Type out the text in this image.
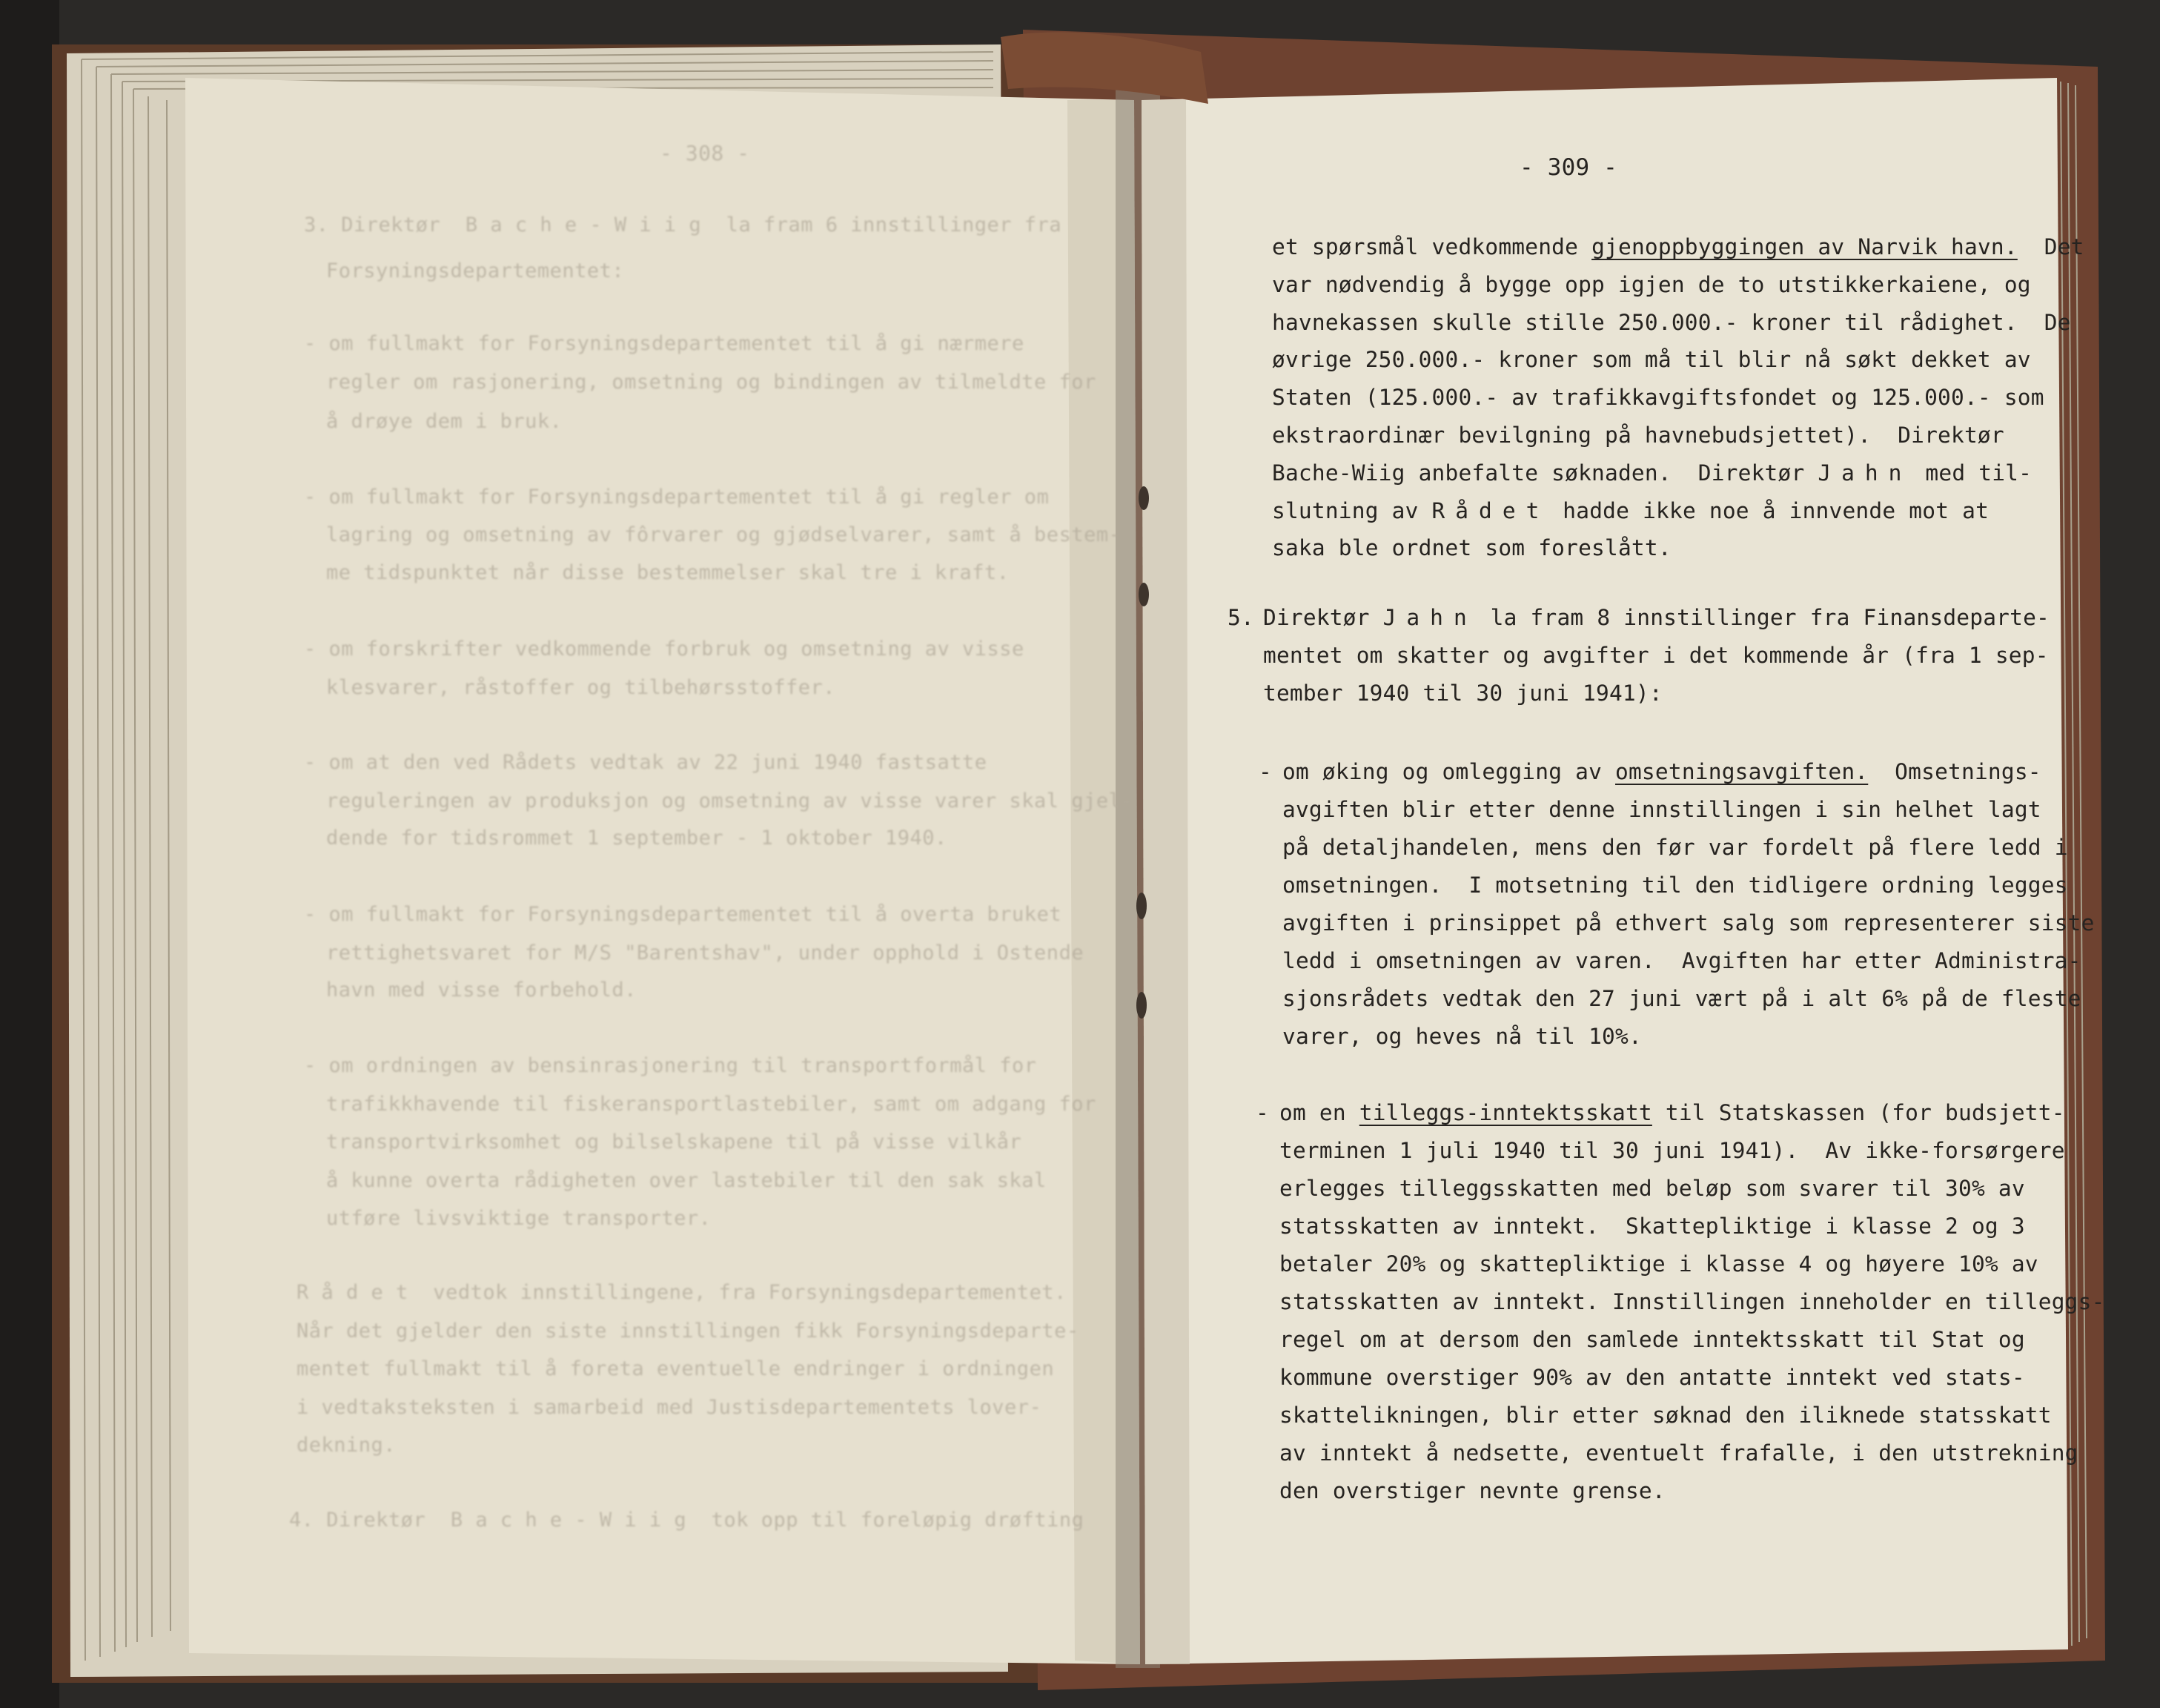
- 308 -
3. Direktør  B a c h e - W i i g  la fram 6 innstillinger fra
Forsyningsdepartementet:
- om fullmakt for Forsyningsdepartementet til å gi nærmere
regler om rasjonering, omsetning og bindingen av tilmeldte for
å drøye dem i bruk.
- om fullmakt for Forsyningsdepartementet til å gi regler om
lagring og omsetning av fôrvarer og gjødselvarer, samt å bestem-
me tidspunktet når disse bestemmelser skal tre i kraft.
- om forskrifter vedkommende forbruk og omsetning av visse
klesvarer, råstoffer og tilbehørsstoffer.
- om at den ved Rådets vedtak av 22 juni 1940 fastsatte
reguleringen av produksjon og omsetning av visse varer skal gjel-
dende for tidsrommet 1 september - 1 oktober 1940.
- om fullmakt for Forsyningsdepartementet til å overta bruket
rettighetsvaret for M/S "Barentshav", under opphold i Ostende
havn med visse forbehold.
- om ordningen av bensinrasjonering til transportformål for
trafikkhavende til fiskeransportlastebiler, samt om adgang for
transportvirksomhet og bilselskapene til på visse vilkår
å kunne overta rådigheten over lastebiler til den sak skal
utføre livsviktige transporter.
R å d e t  vedtok innstillingene, fra Forsyningsdepartementet.
Når det gjelder den siste innstillingen fikk Forsyningsdeparte-
mentet fullmakt til å foreta eventuelle endringer i ordningen
i vedtaksteksten i samarbeid med Justisdepartementets lover-
dekning.
4. Direktør  B a c h e - W i i g  tok opp til foreløpig drøfting
- 309 -
et spørsmål vedkommende gjenoppbyggingen av Narvik havn.  Det
var nødvendig å bygge opp igjen de to utstikkerkaiene, og
havnekassen skulle stille 250.000.- kroner til rådighet.  De
øvrige 250.000.- kroner som må til blir nå søkt dekket av
Staten (125.000.- av trafikkavgiftsfondet og 125.000.- som
ekstraordinær bevilgning på havnebudsjettet).  Direktør
Bache-Wiig anbefalte søknaden.  Direktør Jahn med til-
slutning av Rådet hadde ikke noe å innvende mot at
saka ble ordnet som foreslått.
5. Direktør Jahn la fram 8 innstillinger fra Finansdeparte-
mentet om skatter og avgifter i det kommende år (fra 1 sep-
tember 1940 til 30 juni 1941):
- om øking og omlegging av omsetningsavgiften.  Omsetnings-
avgiften blir etter denne innstillingen i sin helhet lagt
på detaljhandelen, mens den før var fordelt på flere ledd i
omsetningen.  I motsetning til den tidligere ordning legges
avgiften i prinsippet på ethvert salg som representerer siste
ledd i omsetningen av varen.  Avgiften har etter Administra-
sjonsrådets vedtak den 27 juni vært på i alt 6% på de fleste
varer, og heves nå til 10%.
- om en tilleggs-inntektsskatt til Statskassen (for budsjett-
terminen 1 juli 1940 til 30 juni 1941).  Av ikke-forsørgere
erlegges tilleggsskatten med beløp som svarer til 30% av
statsskatten av inntekt.  Skattepliktige i klasse 2 og 3
betaler 20% og skattepliktige i klasse 4 og høyere 10% av
statsskatten av inntekt. Innstillingen inneholder en tilleggs-
regel om at dersom den samlede inntektsskatt til Stat og
kommune overstiger 90% av den antatte inntekt ved stats-
skattelikningen, blir etter søknad den iliknede statsskatt
av inntekt å nedsette, eventuelt frafalle, i den utstrekning
den overstiger nevnte grense.
